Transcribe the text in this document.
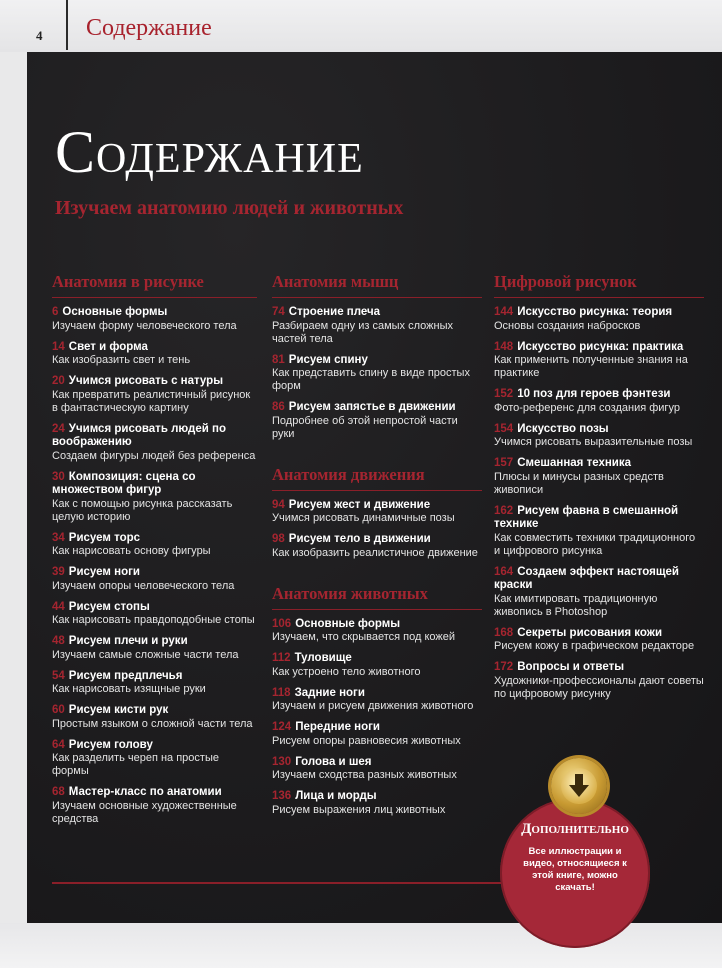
4 Содержание
Содержание
Изучаем анатомию людей и животных
Анатомия в рисунке
6 Основные формы
Изучаем форму человеческого тела
14 Свет и форма
Как изобразить свет и тень
20 Учимся рисовать с натуры
Как превратить реалистичный рисунок в фантастическую картину
24 Учимся рисовать людей по воображению
Создаем фигуры людей без референса
30 Композиция: сцена со множеством фигур
Как с помощью рисунка рассказать целую историю
34 Рисуем торс
Как нарисовать основу фигуры
39 Рисуем ноги
Изучаем опоры человеческого тела
44 Рисуем стопы
Как нарисовать правдоподобные стопы
48 Рисуем плечи и руки
Изучаем самые сложные части тела
54 Рисуем предплечья
Как нарисовать изящные руки
60 Рисуем кисти рук
Простым языком о сложной части тела
64 Рисуем голову
Как разделить череп на простые формы
68 Мастер-класс по анатомии
Изучаем основные художественные средства
Анатомия мышц
74 Строение плеча
Разбираем одну из самых сложных частей тела
81 Рисуем спину
Как представить спину в виде простых форм
86 Рисуем запястье в движении
Подробнее об этой непростой части руки
Анатомия движения
94 Рисуем жест и движение
Учимся рисовать динамичные позы
98 Рисуем тело в движении
Как изобразить реалистичное движение
Анатомия животных
106 Основные формы
Изучаем, что скрывается под кожей
112 Туловище
Как устроено тело животного
118 Задние ноги
Изучаем и рисуем движения животного
124 Передние ноги
Рисуем опоры равновесия животных
130 Голова и шея
Изучаем сходства разных животных
136 Лица и морды
Рисуем выражения лиц животных
Цифровой рисунок
144 Искусство рисунка: теория
Основы создания набросков
148 Искусство рисунка: практика
Как применить полученные знания на практике
152 10 поз для героев фэнтези
Фото-референс для создания фигур
154 Искусство позы
Учимся рисовать выразительные позы
157 Смешанная техника
Плюсы и минусы разных средств живописи
162 Рисуем фавна в смешанной технике
Как совместить техники традиционного и цифрового рисунка
164 Создаем эффект настоящей краски
Как имитировать традиционную живопись в Photoshop
168 Секреты рисования кожи
Рисуем кожу в графическом редакторе
172 Вопросы и ответы
Художники-профессионалы дают советы по цифровому рисунку
Дополнительно
Все иллюстрации и видео, относящиеся к этой книге, можно скачать!
